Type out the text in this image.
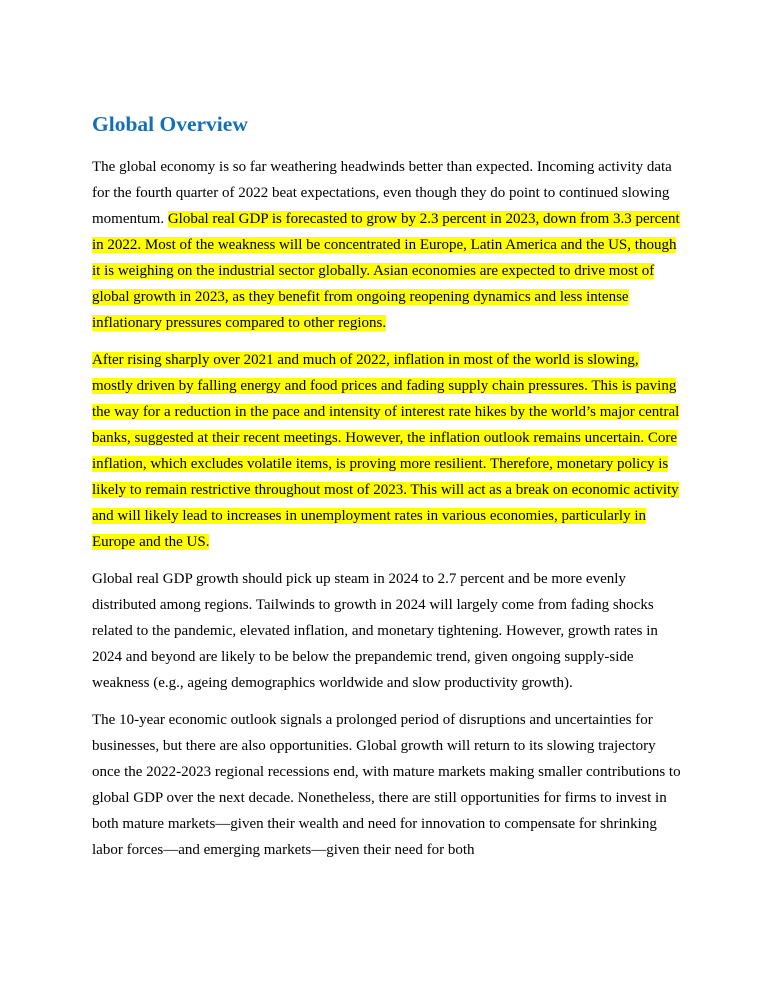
Global Overview

The global economy is so far weathering headwinds better than expected. Incoming activity data for the fourth quarter of 2022 beat expectations, even though they do point to continued slowing momentum. Global real GDP is forecasted to grow by 2.3 percent in 2023, down from 3.3 percent in 2022. Most of the weakness will be concentrated in Europe, Latin America and the US, though it is weighing on the industrial sector globally. Asian economies are expected to drive most of global growth in 2023, as they benefit from ongoing reopening dynamics and less intense inflationary pressures compared to other regions.

After rising sharply over 2021 and much of 2022, inflation in most of the world is slowing, mostly driven by falling energy and food prices and fading supply chain pressures. This is paving the way for a reduction in the pace and intensity of interest rate hikes by the world’s major central banks, suggested at their recent meetings. However, the inflation outlook remains uncertain. Core inflation, which excludes volatile items, is proving more resilient. Therefore, monetary policy is likely to remain restrictive throughout most of 2023. This will act as a break on economic activity and will likely lead to increases in unemployment rates in various economies, particularly in Europe and the US.

Global real GDP growth should pick up steam in 2024 to 2.7 percent and be more evenly distributed among regions. Tailwinds to growth in 2024 will largely come from fading shocks related to the pandemic, elevated inflation, and monetary tightening. However, growth rates in 2024 and beyond are likely to be below the prepandemic trend, given ongoing supply-side weakness (e.g., ageing demographics worldwide and slow productivity growth).

The 10-year economic outlook signals a prolonged period of disruptions and uncertainties for businesses, but there are also opportunities. Global growth will return to its slowing trajectory once the 2022-2023 regional recessions end, with mature markets making smaller contributions to global GDP over the next decade. Nonetheless, there are still opportunities for firms to invest in both mature markets—given their wealth and need for innovation to compensate for shrinking labor forces—and emerging markets—given their need for both
